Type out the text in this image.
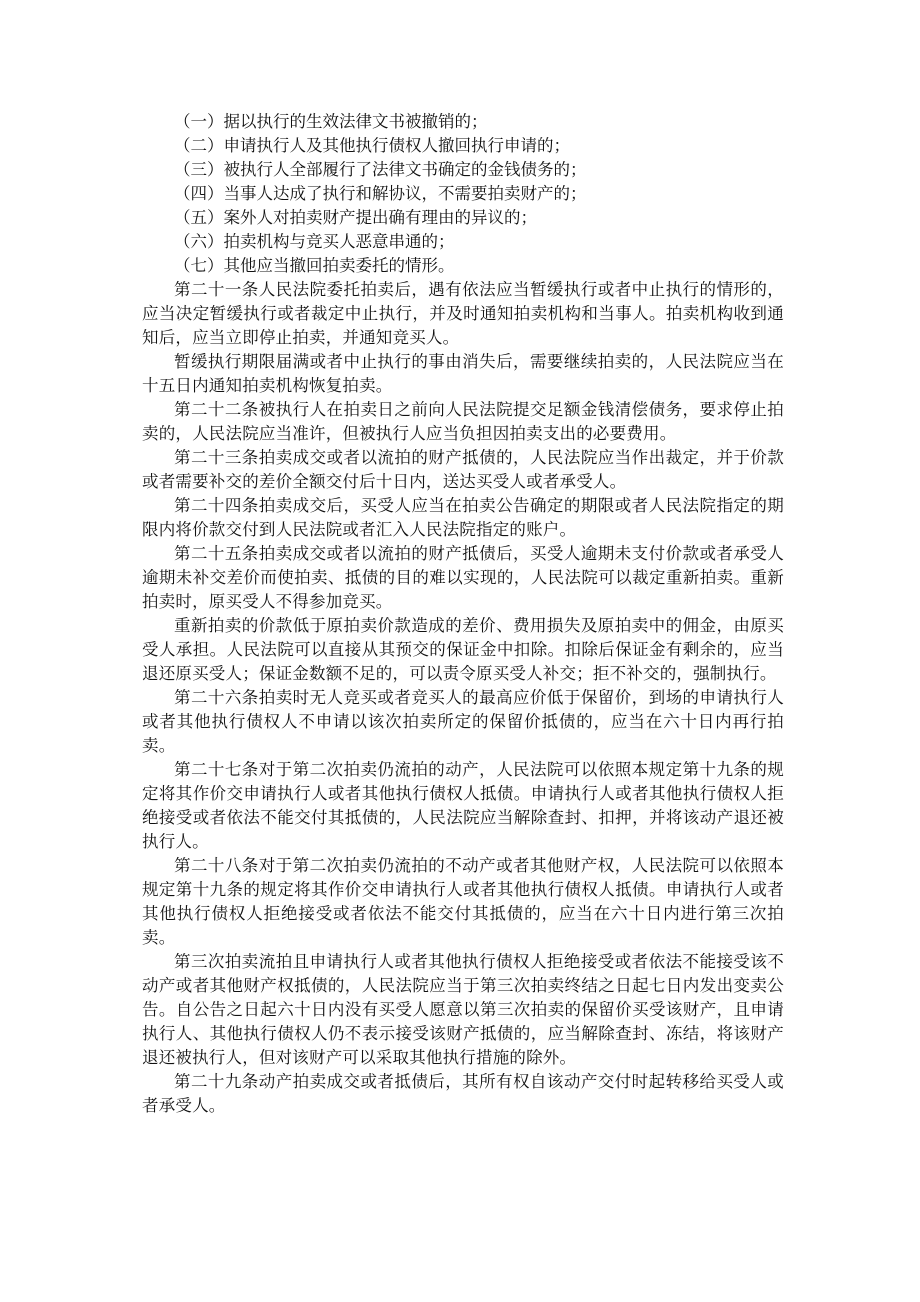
（一）据以执行的生效法律文书被撤销的；

（二）申请执行人及其他执行债权人撤回执行申请的；

（三）被执行人全部履行了法律文书确定的金钱债务的；

（四）当事人达成了执行和解协议，不需要拍卖财产的；

（五）案外人对拍卖财产提出确有理由的异议的；

（六）拍卖机构与竞买人恶意串通的；

（七）其他应当撤回拍卖委托的情形。

第二十一条人民法院委托拍卖后，遇有依法应当暂缓执行或者中止执行的情形的，应当决定暂缓执行或者裁定中止执行，并及时通知拍卖机构和当事人。拍卖机构收到通知后，应当立即停止拍卖，并通知竞买人。

暂缓执行期限届满或者中止执行的事由消失后，需要继续拍卖的，人民法院应当在十五日内通知拍卖机构恢复拍卖。

第二十二条被执行人在拍卖日之前向人民法院提交足额金钱清偿债务，要求停止拍卖的，人民法院应当准许，但被执行人应当负担因拍卖支出的必要费用。

第二十三条拍卖成交或者以流拍的财产抵债的，人民法院应当作出裁定，并于价款或者需要补交的差价全额交付后十日内，送达买受人或者承受人。

第二十四条拍卖成交后，买受人应当在拍卖公告确定的期限或者人民法院指定的期限内将价款交付到人民法院或者汇入人民法院指定的账户。

第二十五条拍卖成交或者以流拍的财产抵债后，买受人逾期未支付价款或者承受人逾期未补交差价而使拍卖、抵债的目的难以实现的，人民法院可以裁定重新拍卖。重新拍卖时，原买受人不得参加竞买。

重新拍卖的价款低于原拍卖价款造成的差价、费用损失及原拍卖中的佣金，由原买受人承担。人民法院可以直接从其预交的保证金中扣除。扣除后保证金有剩余的，应当退还原买受人；保证金数额不足的，可以责令原买受人补交；拒不补交的，强制执行。

第二十六条拍卖时无人竞买或者竞买人的最高应价低于保留价，到场的申请执行人或者其他执行债权人不申请以该次拍卖所定的保留价抵债的，应当在六十日内再行拍卖。

第二十七条对于第二次拍卖仍流拍的动产，人民法院可以依照本规定第十九条的规定将其作价交申请执行人或者其他执行债权人抵债。申请执行人或者其他执行债权人拒绝接受或者依法不能交付其抵债的，人民法院应当解除查封、扣押，并将该动产退还被执行人。

第二十八条对于第二次拍卖仍流拍的不动产或者其他财产权，人民法院可以依照本规定第十九条的规定将其作价交申请执行人或者其他执行债权人抵债。申请执行人或者其他执行债权人拒绝接受或者依法不能交付其抵债的，应当在六十日内进行第三次拍卖。

第三次拍卖流拍且申请执行人或者其他执行债权人拒绝接受或者依法不能接受该不动产或者其他财产权抵债的，人民法院应当于第三次拍卖终结之日起七日内发出变卖公告。自公告之日起六十日内没有买受人愿意以第三次拍卖的保留价买受该财产，且申请执行人、其他执行债权人仍不表示接受该财产抵债的，应当解除查封、冻结，将该财产退还被执行人，但对该财产可以采取其他执行措施的除外。

第二十九条动产拍卖成交或者抵债后，其所有权自该动产交付时起转移给买受人或者承受人。
